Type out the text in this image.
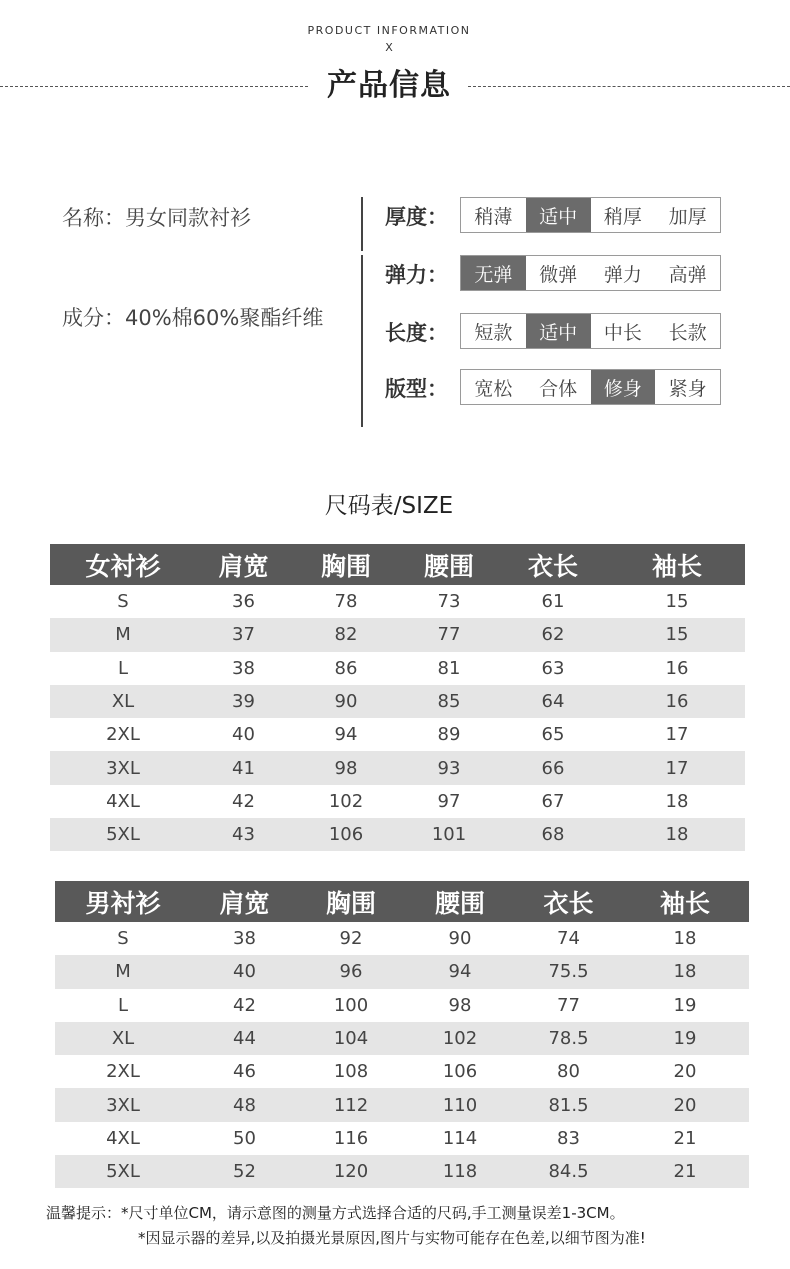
PRODUCT INFORMATION
X
产品信息
名称：男女同款衬衫
成分：40%棉60%聚酯纤维
厚度：	稍薄	适中	稍厚	加厚
弹力：	无弹	微弹	弹力	高弹
长度：	短款	适中	中长	长款
版型：	宽松	合体	修身	紧身
尺码表/SIZE
女衬衫	肩宽	胸围	腰围	衣长	袖长
S	36	78	73	61	15
M	37	82	77	62	15
L	38	86	81	63	16
XL	39	90	85	64	16
2XL	40	94	89	65	17
3XL	41	98	93	66	17
4XL	42	102	97	67	18
5XL	43	106	101	68	18
男衬衫	肩宽	胸围	腰围	衣长	袖长
S	38	92	90	74	18
M	40	96	94	75.5	18
L	42	100	98	77	19
XL	44	104	102	78.5	19
2XL	46	108	106	80	20
3XL	48	112	110	81.5	20
4XL	50	116	114	83	21
5XL	52	120	118	84.5	21
温馨提示：*尺寸单位CM，请示意图的测量方式选择合适的尺码,手工测量误差1-3CM。
*因显示器的差异,以及拍摄光景原因,图片与实物可能存在色差,以细节图为准!
